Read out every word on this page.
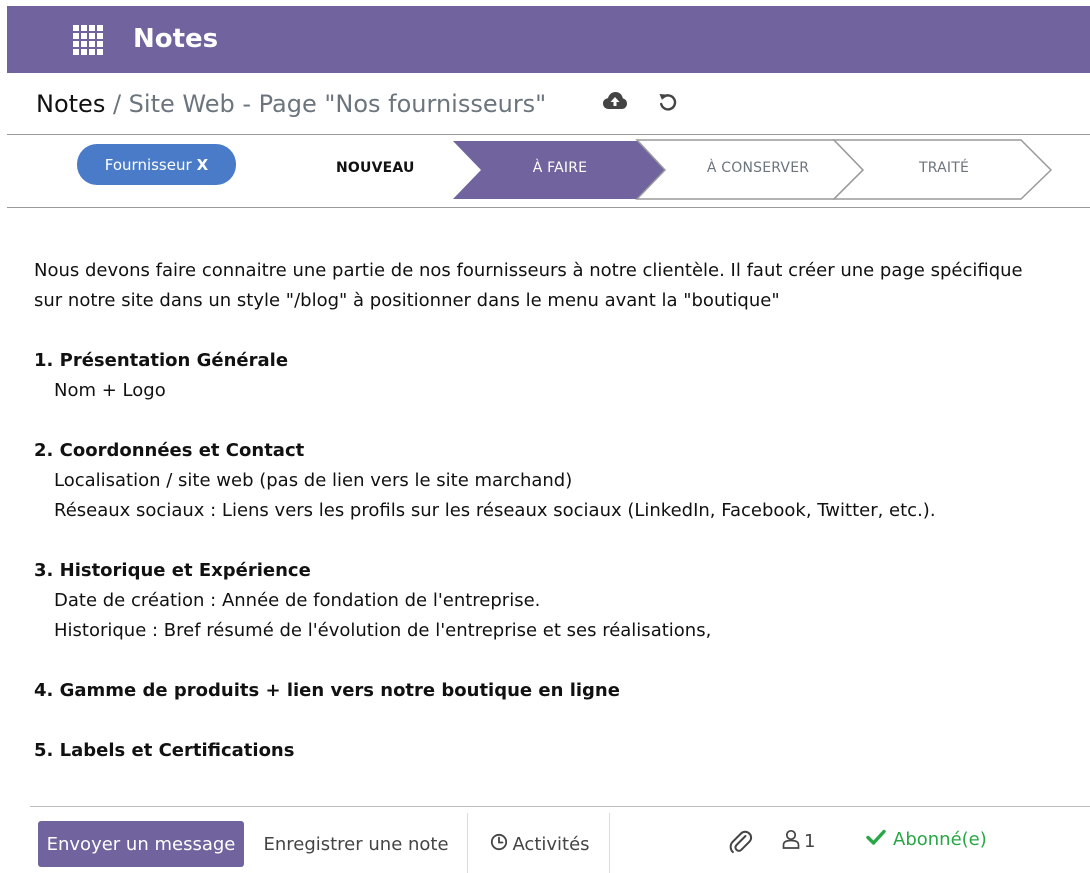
Notes
Notes / Site Web - Page "Nos fournisseurs"
Fournisseur X	NOUVEAU	À FAIRE	À CONSERVER	TRAITÉ

Nous devons faire connaitre une partie de nos fournisseurs à notre clientèle. Il faut créer une page spécifique

sur notre site dans un style "/blog" à positionner dans le menu avant la "boutique"

1. Présentation Générale

Nom + Logo

2. Coordonnées et Contact

Localisation / site web (pas de lien vers le site marchand)

Réseaux sociaux : Liens vers les profils sur les réseaux sociaux (LinkedIn, Facebook, Twitter, etc.).

3. Historique et Expérience

Date de création : Année de fondation de l'entreprise.

Historique : Bref résumé de l'évolution de l'entreprise et ses réalisations,

4. Gamme de produits + lien vers notre boutique en ligne

5. Labels et Certifications

Envoyer un message	Enregistrer une note	Activités	1	Abonné(e)
